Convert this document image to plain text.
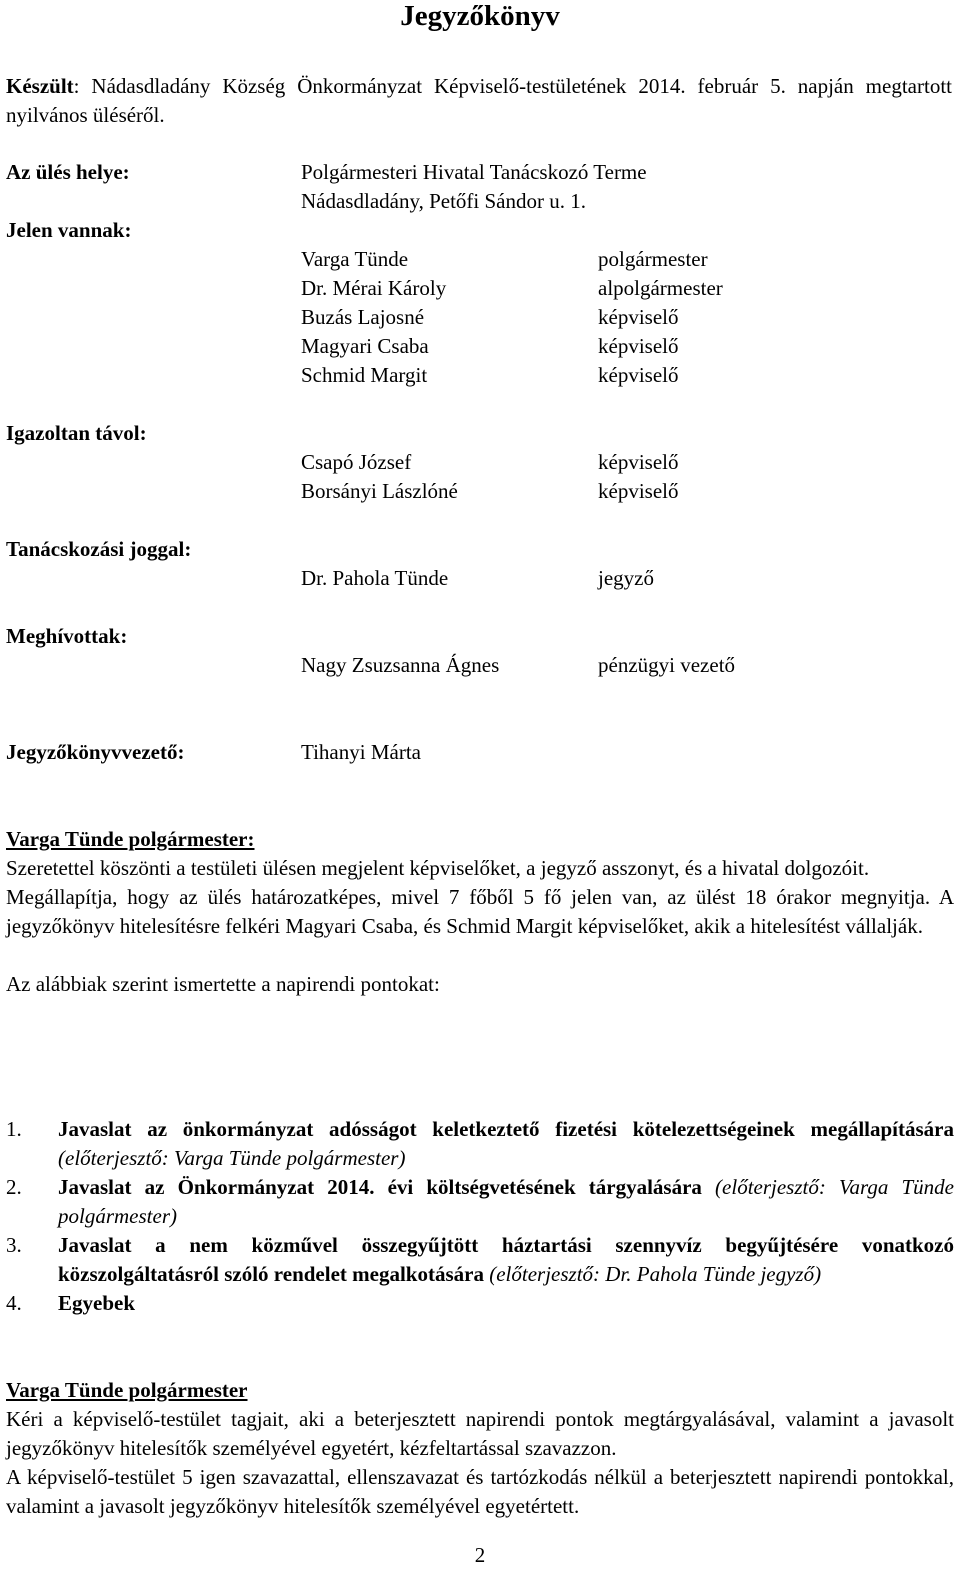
Jegyzőkönyv
Készült: Nádasdladány Község Önkormányzat Képviselő-testületének 2014. február 5. napján megtartott nyilvános üléséről.
Az ülés helye:	Polgármesteri Hivatal Tanácskozó Terme
Nádasdladány, Petőfi Sándor u. 1.
Jelen vannak:
Varga Tünde	polgármester
Dr. Mérai Károly	alpolgármester
Buzás Lajosné	képviselő
Magyari Csaba	képviselő
Schmid Margit	képviselő
Igazoltan távol:
Csapó József	képviselő
Borsányi Lászlóné	képviselő
Tanácskozási joggal:
Dr. Pahola Tünde	jegyző
Meghívottak:
Nagy Zsuzsanna Ágnes	pénzügyi vezető
Jegyzőkönyvvezető:	Tihanyi Márta
Varga Tünde polgármester:
Szeretettel köszönti a testületi ülésen megjelent képviselőket, a jegyző asszonyt, és a hivatal dolgozóit.
Megállapítja, hogy az ülés határozatképes, mivel 7 főből 5 fő jelen van, az ülést 18 órakor megnyitja. A jegyzőkönyv hitelesítésre felkéri Magyari Csaba, és Schmid Margit képviselőket, akik a hitelesítést vállalják.
Az alábbiak szerint ismertette a napirendi pontokat:
1. Javaslat az önkormányzat adósságot keletkeztető fizetési kötelezettségeinek megállapítására (előterjesztő: Varga Tünde polgármester)
2. Javaslat az Önkormányzat 2014. évi költségvetésének tárgyalására (előterjesztő: Varga Tünde polgármester)
3. Javaslat a nem közművel összegyűjtött háztartási szennyvíz begyűjtésére vonatkozó közszolgáltatásról szóló rendelet megalkotására (előterjesztő: Dr. Pahola Tünde jegyző)
4. Egyebek
Varga Tünde polgármester
Kéri a képviselő-testület tagjait, aki a beterjesztett napirendi pontok megtárgyalásával, valamint a javasolt jegyzőkönyv hitelesítők személyével egyetért, kézfeltartással szavazzon.
A képviselő-testület 5 igen szavazattal, ellenszavazat és tartózkodás nélkül a beterjesztett napirendi pontokkal, valamint a javasolt jegyzőkönyv hitelesítők személyével egyetértett.
2
